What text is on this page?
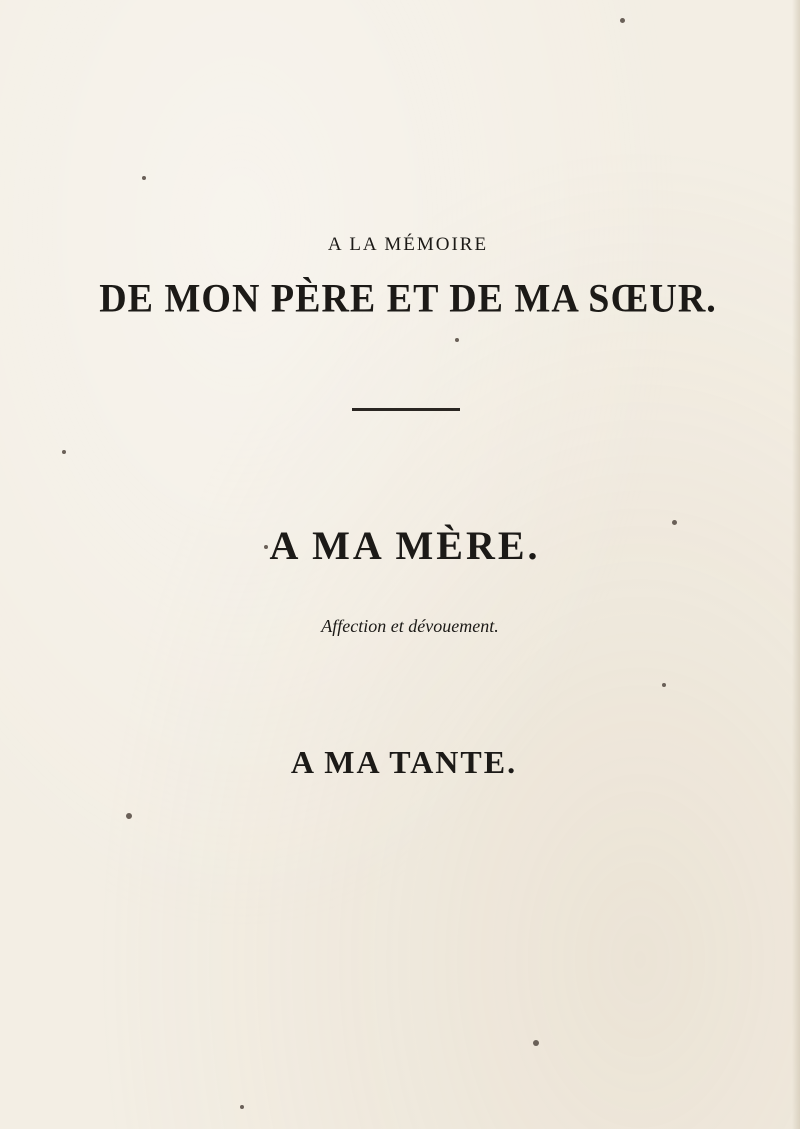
A LA MÉMOIRE
DE MON PÈRE ET DE MA SŒUR.
A MA MÈRE.
Affection et dévouement.
A MA TANTE.
